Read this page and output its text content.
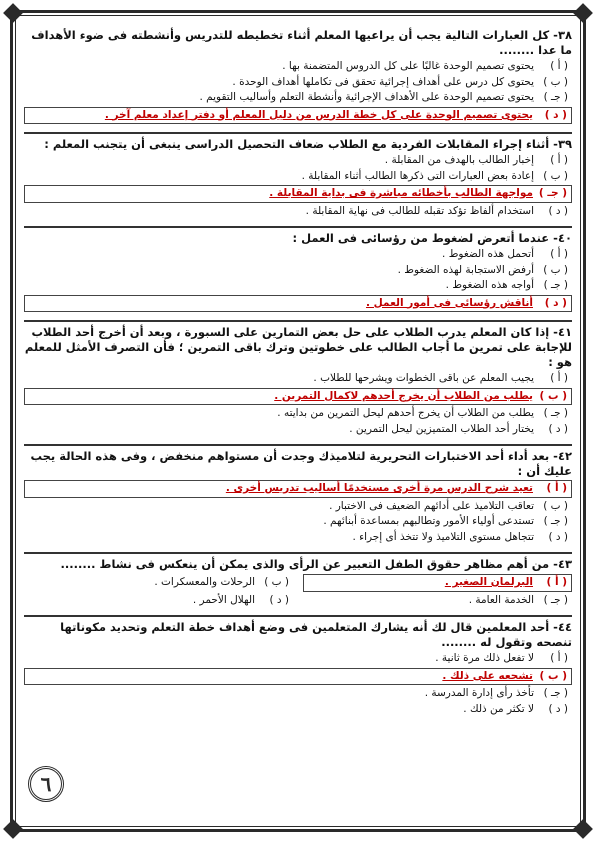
٣٨- كل العبارات التالية يجب أن يراعيها المعلم أثناء تخطيطه للتدريس وأنشطته فى ضوء الأهداف ما عدا ........
( أ )
يحتوى تصميم الوحدة غالبًا على كل الدروس المتضمنة بها .
( ب )
يحتوى كل درس على أهداف إجرائية تحقق فى تكاملها أهداف الوحدة .
( جـ )
يحتوى تصميم الوحدة على الأهداف الإجرائية وأنشطة التعلم وأساليب التقويم .
( د )
يحتوى تصميم الوحدة على كل خطة الدرس من دليل المعلم أو دفتر إعداد معلم آخر .
٣٩- أثناء إجراء المقابلات الفردية مع الطلاب ضعاف التحصيل الدراسى ينبغى أن يتجنب المعلم :
( أ )
إخبار الطالب بالهدف من المقابلة .
( ب )
إعادة بعض العبارات التى ذكرها الطالب أثناء المقابلة .
( جـ )
مواجهة الطالب بأخطائه مباشرة فى بداية المقابلة .
( د )
استخدام ألفاظ تؤكد تقبله للطالب فى نهاية المقابلة .
٤٠- عندما أتعرض لضغوط من رؤسائى فى العمل :
( أ )
أتحمل هذه الضغوط .
( ب )
أرفض الاستجابة لهذه الضغوط .
( جـ )
أواجه هذه الضغوط .
( د )
أناقش رؤسائى فى أمور العمل .
٤١- إذا كان المعلم يدرب الطلاب على حل بعض التمارين على السبورة ، وبعد أن أخرج أحد الطلاب للإجابة على تمرين ما أجاب الطالب على خطوتين وترك باقى التمرين ؛ فأن التصرف الأمثل للمعلم هو :
( أ )
يجيب المعلم عن باقى الخطوات ويشرحها للطلاب .
( ب )
يطلب من الطلاب أن يخرج أحدهم لاكمال التمرين .
( جـ )
يطلب من الطلاب أن يخرج أحدهم ليحل التمرين من بدايته .
( د )
يختار أحد الطلاب المتميزين ليحل التمرين .
٤٢- بعد أداء أحد الاختبارات التحريرية لتلاميذك وجدت أن مستواهم منخفض ، وفى هذه الحالة يجب عليك أن :
( أ )
تعيد شرح الدرس مرة أخرى مستخدمًا أساليب تدريس أخرى .
( ب )
تعاقب التلاميذ على أدائهم الضعيف فى الاختبار .
( جـ )
تستدعى أولياء الأمور وتطالبهم بمساعدة أبنائهم .
( د )
تتجاهل مستوى التلاميذ ولا تتخذ أى إجراء .
٤٣- من أهم مظاهر حقوق الطفل التعبير عن الرأى والذى يمكن أن ينعكس فى نشاط ........
( أ )
البرلمان الصغير .
( ب )
الرحلات والمعسكرات .
( جـ )
الخدمة العامة .
( د )
الهلال الأحمر .
٤٤- أحد المعلمين قال لك أنه يشارك المتعلمين فى وضع أهداف خطة التعلم وتحديد مكوناتها تنصحه وتقول له ........
( أ )
لا تفعل ذلك مرة ثانية .
( ب )
تشجعه على ذلك .
( جـ )
تأخذ رأى إدارة المدرسة .
( د )
لا تكثر من ذلك .
٦
